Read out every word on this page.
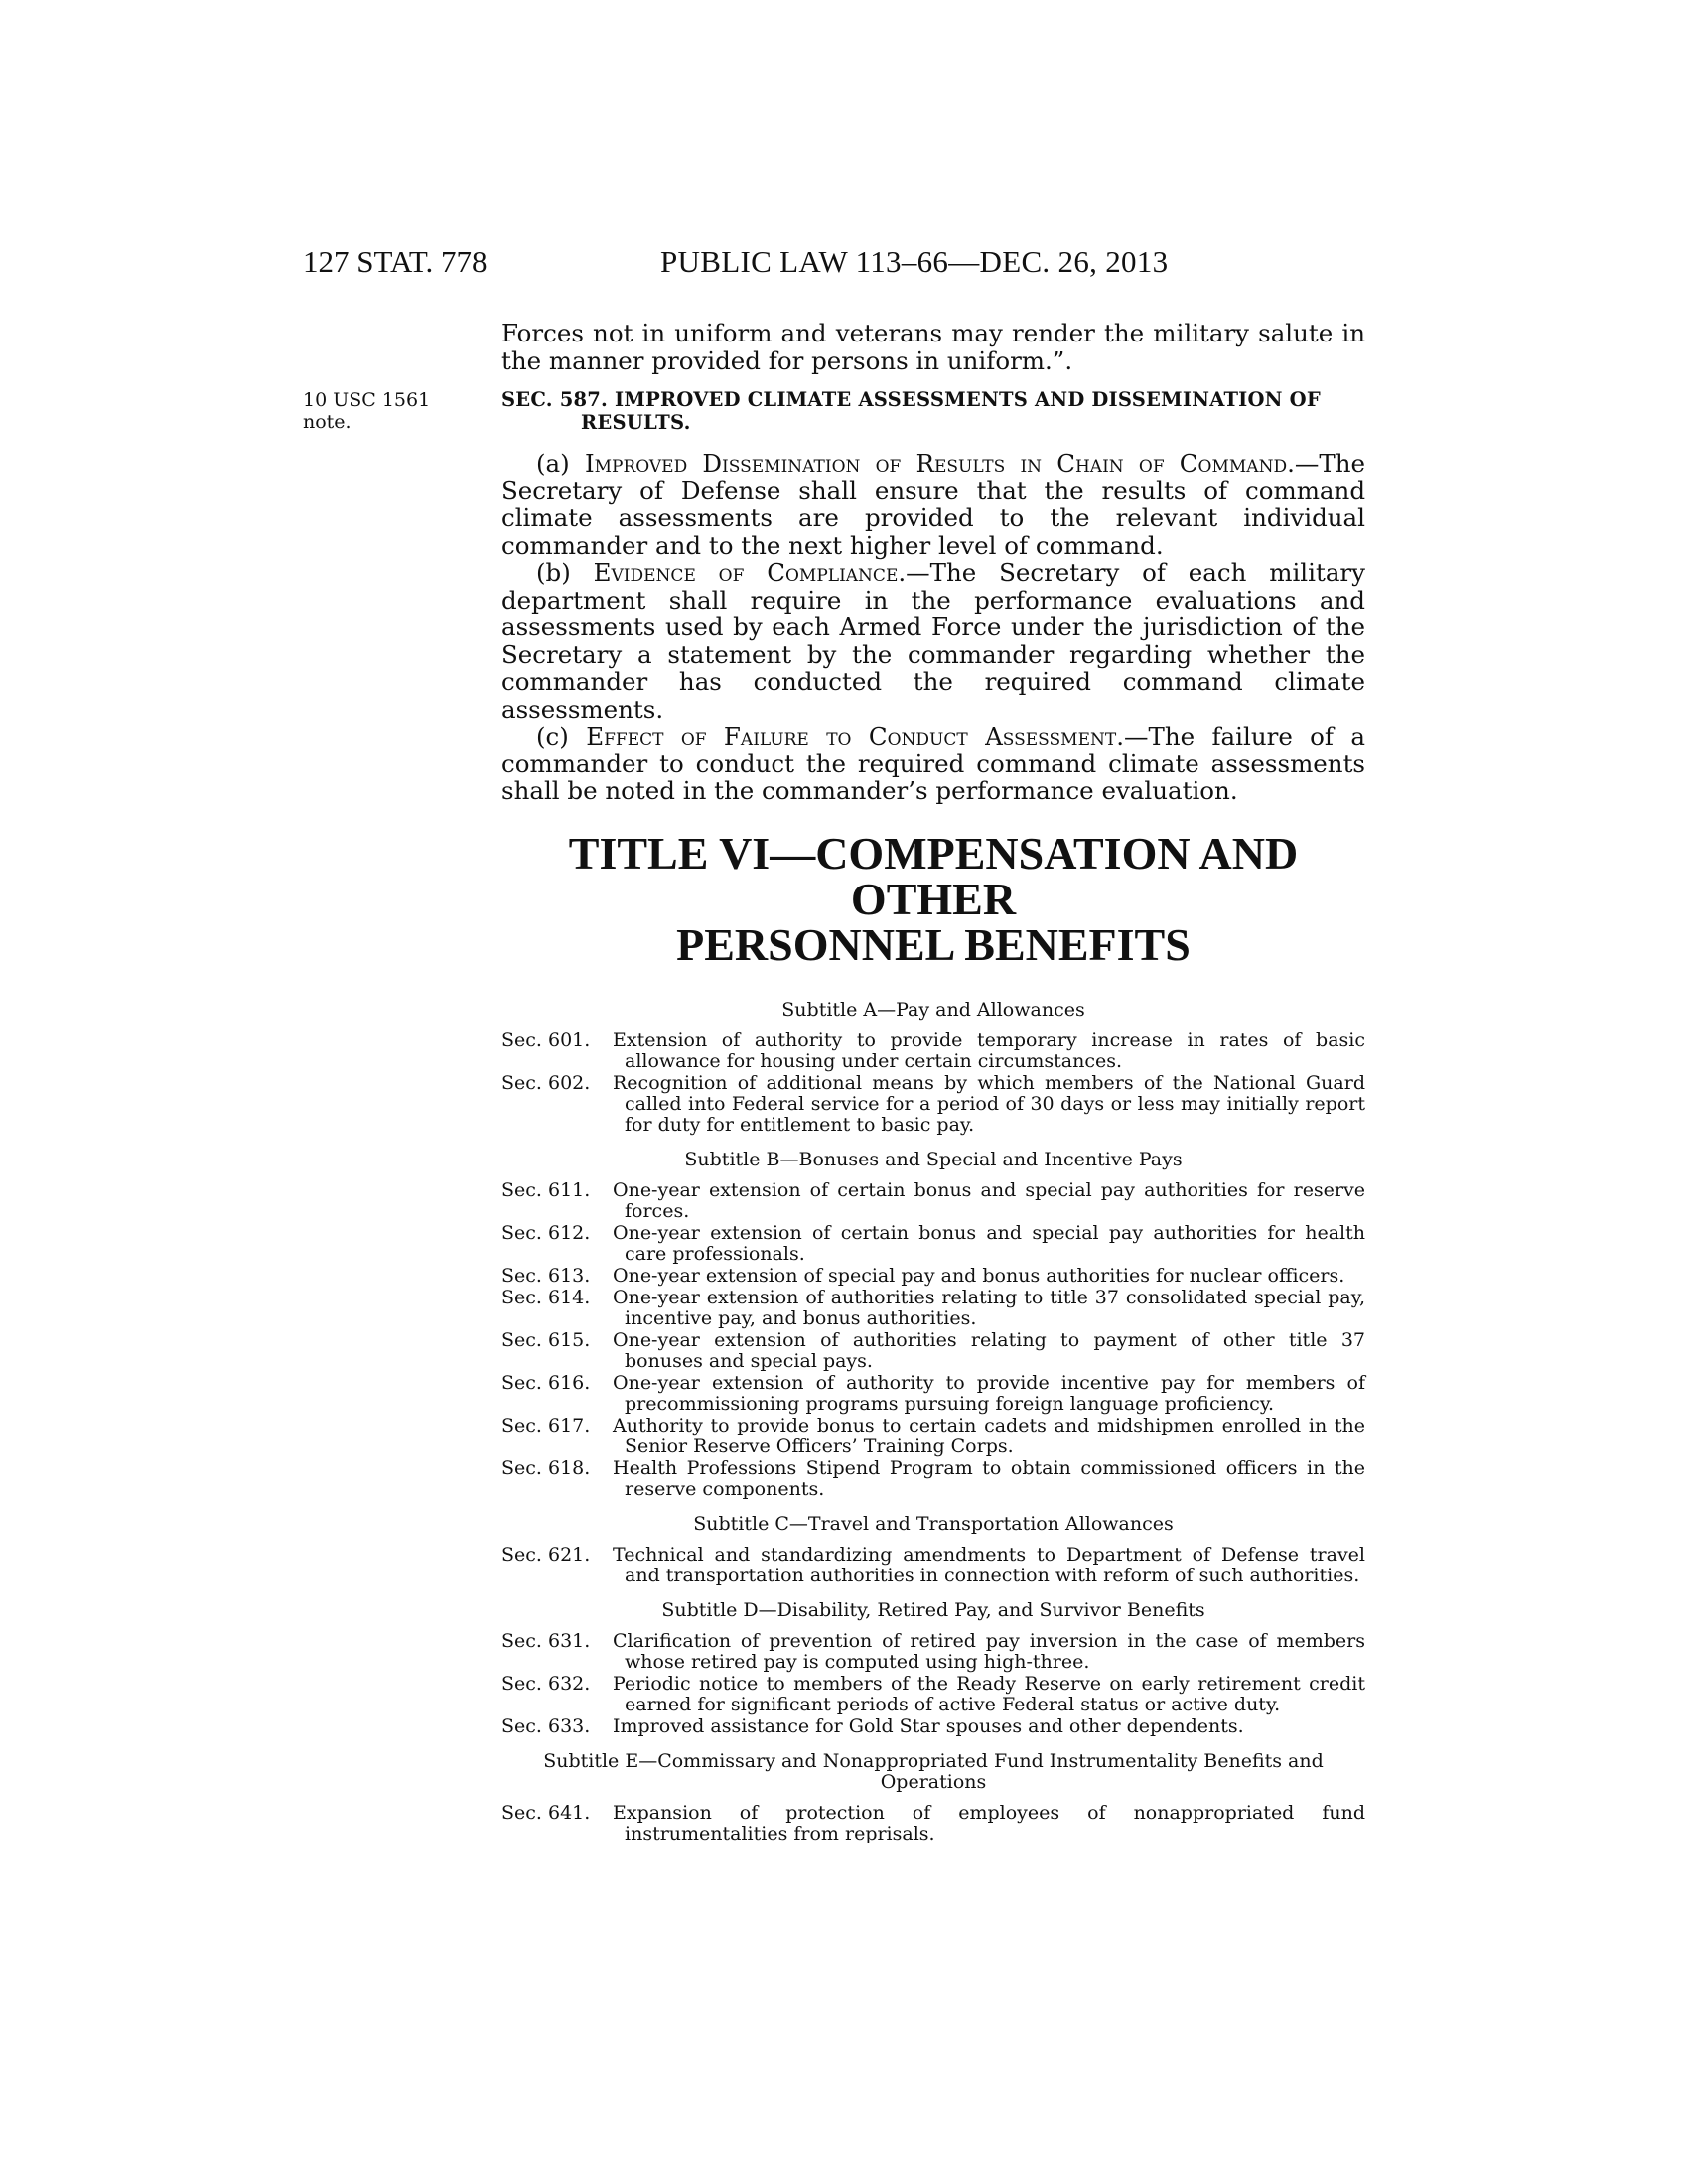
127 STAT. 778	PUBLIC LAW 113–66—DEC. 26, 2013
10 USC 1561
note.

Forces not in uniform and veterans may render the military salute in the manner provided for persons in uniform.”.

SEC. 587. IMPROVED CLIMATE ASSESSMENTS AND DISSEMINATION OF
RESULTS.

(a) Improved Dissemination of Results in Chain of Command.—The Secretary of Defense shall ensure that the results of command climate assessments are provided to the relevant individual commander and to the next higher level of command.

(b) Evidence of Compliance.—The Secretary of each military department shall require in the performance evaluations and assessments used by each Armed Force under the jurisdiction of the Secretary a statement by the commander regarding whether the commander has conducted the required command climate assessments.

(c) Effect of Failure to Conduct Assessment.—The failure of a commander to conduct the required command climate assessments shall be noted in the commander’s performance evaluation.

TITLE VI—COMPENSATION AND OTHER
PERSONNEL BENEFITS
Subtitle A—Pay and Allowances
Sec. 601.	Extension of authority to provide temporary increase in rates of basic allowance for housing under certain circumstances.
Sec. 602.	Recognition of additional means by which members of the National Guard called into Federal service for a period of 30 days or less may initially report for duty for entitlement to basic pay.
Subtitle B—Bonuses and Special and Incentive Pays
Sec. 611.	One-year extension of certain bonus and special pay authorities for reserve forces.
Sec. 612.	One-year extension of certain bonus and special pay authorities for health care professionals.
Sec. 613.	One-year extension of special pay and bonus authorities for nuclear officers.
Sec. 614.	One-year extension of authorities relating to title 37 consolidated special pay, incentive pay, and bonus authorities.
Sec. 615.	One-year extension of authorities relating to payment of other title 37 bonuses and special pays.
Sec. 616.	One-year extension of authority to provide incentive pay for members of precommissioning programs pursuing foreign language proficiency.
Sec. 617.	Authority to provide bonus to certain cadets and midshipmen enrolled in the Senior Reserve Officers’ Training Corps.
Sec. 618.	Health Professions Stipend Program to obtain commissioned officers in the reserve components.
Subtitle C—Travel and Transportation Allowances
Sec. 621.	Technical and standardizing amendments to Department of Defense travel and transportation authorities in connection with reform of such authorities.
Subtitle D—Disability, Retired Pay, and Survivor Benefits
Sec. 631.	Clarification of prevention of retired pay inversion in the case of members whose retired pay is computed using high-three.
Sec. 632.	Periodic notice to members of the Ready Reserve on early retirement credit earned for significant periods of active Federal status or active duty.
Sec. 633.	Improved assistance for Gold Star spouses and other dependents.
Subtitle E—Commissary and Nonappropriated Fund Instrumentality Benefits and Operations
Sec. 641.	Expansion of protection of employees of nonappropriated fund instrumentalities from reprisals.
